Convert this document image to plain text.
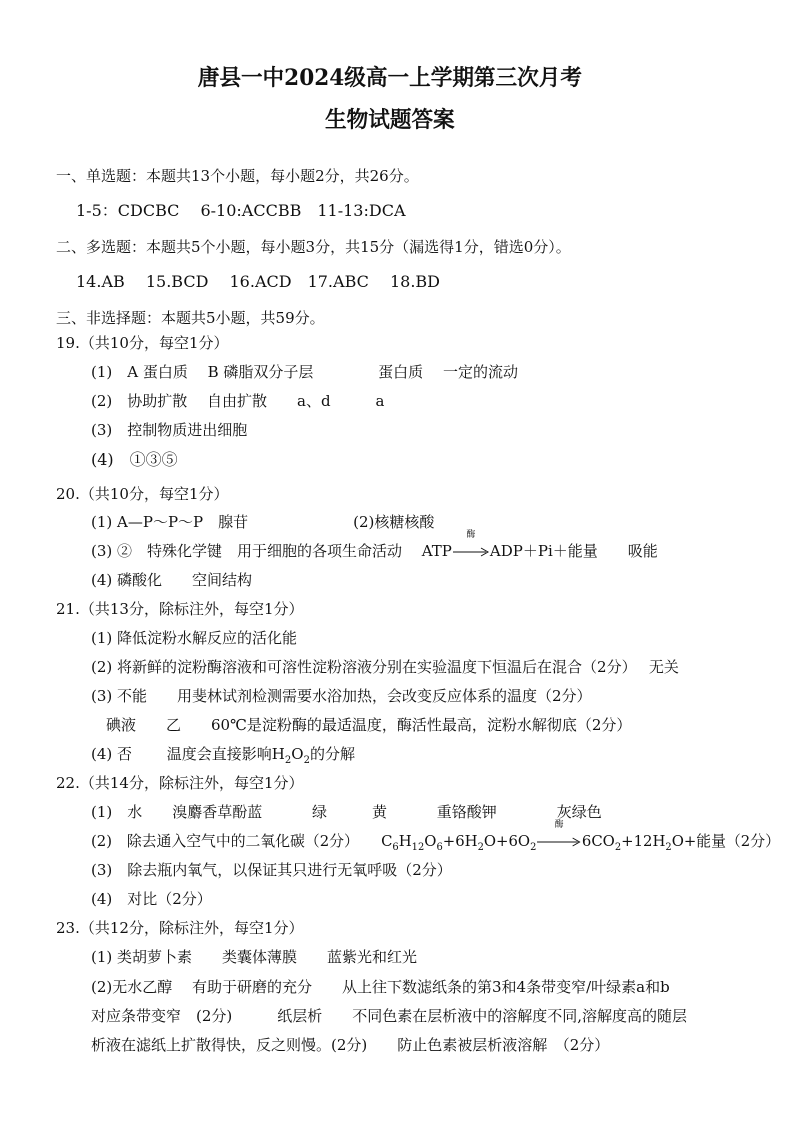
唐县一中2024级高一上学期第三次月考
生物试题答案
一、单选题：本题共13个小题，每小题2分，共26分。
1-5：CDCBC　 6-10:ACCBB　11-13:DCA
二、多选题：本题共5个小题，每小题3分，共15分（漏选得1分，错选0分）。
14.AB　 15.BCD　 16.ACD　17.ABC　 18.BD
三、非选择题：本题共5小题，共59分。
19.（共10分，每空1分）
(1)　A 蛋白质　 B 磷脂双分子层　　　　 蛋白质　 一定的流动
(2)　协助扩散　 自由扩散　　a、d　　　a
(3)　控制物质进出细胞
(4)　①③⑤
20.（共10分，每空1分）
(1) A—P～P～P　腺苷　　　　　　　(2)核糖核酸
(3) ②　特殊化学键　用于细胞的各项生命活动　 ATP
酶
ADP＋Pi＋能量　　吸能
(4) 磷酸化　　空间结构
21.（共13分，除标注外，每空1分）
(1) 降低淀粉水解反应的活化能
(2) 将新鲜的淀粉酶溶液和可溶性淀粉溶液分别在实验温度下恒温后在混合（2分）　 无关
(3) 不能　　用斐林试剂检测需要水浴加热，会改变反应体系的温度（2分）
碘液　　乙　　60℃是淀粉酶的最适温度，酶活性最高，淀粉水解彻底（2分）
(4) 否　　 温度会直接影响$H_2O_2$的分解
22.（共14分，除标注外，每空1分）
(1)　水　　溴麝香草酚蓝　　　 绿　　　黄　　　 重铬酸钾　　　　灰绿色
(2)　除去通入空气中的二氧化碳（2分）　　$C_6H_{12}O_6+6H_2O+6O_2$
酶
$6CO_2+12H_2O+$能量（2分）
(3)　除去瓶内氧气，以保证其只进行无氧呼吸（2分）
(4)　对比（2分）
23.（共12分，除标注外，每空1分）
(1) 类胡萝卜素　　类囊体薄膜　　蓝紫光和红光
(2)无水乙醇　 有助于研磨的充分　　从上往下数滤纸条的第3和4条带变窄/叶绿素a和b
对应条带变窄　(2分)　　　纸层析　　不同色素在层析液中的溶解度不同,溶解度高的随层
析液在滤纸上扩散得快，反之则慢。(2分)　　防止色素被层析液溶解　（2分）
